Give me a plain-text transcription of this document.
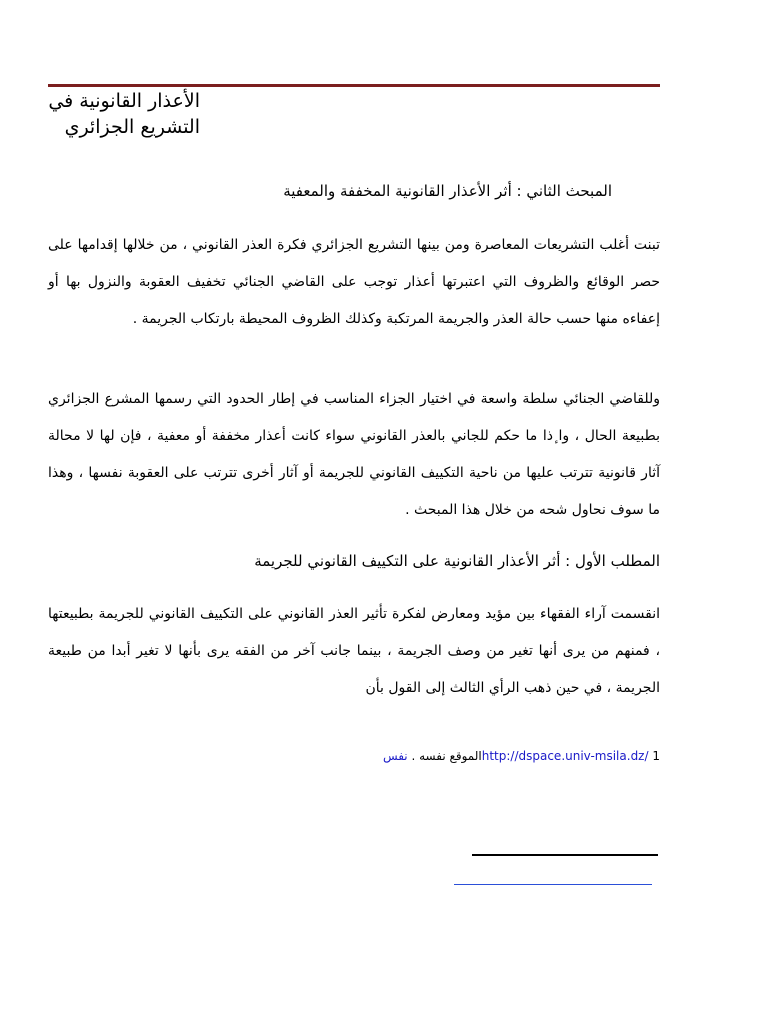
الأعذار القانونية في
التشريع الجزائري
المبحث الثاني : أثر الأعذار القانونية المخففة والمعفية

تبنت أغلب التشريعات المعاصرة ومن بينها التشريع الجزائري فكرة العذر القانوني ، من خلالها إقدامها على حصر الوقائع والظروف التي اعتبرتها أعذار توجب على القاضي الجنائي تخفيف العقوبة والنزول بها أو إعفاءه منها حسب حالة العذر والجريمة المرتكبة وكذلك الظروف المحيطة بارتكاب الجريمة .

وللقاضي الجنائي سلطة واسعة في اختيار الجزاء المناسب في إطار الحدود التي رسمها المشرع الجزائري بطبيعة الحال ، وا ٕذا ما حكم للجاني بالعذر القانوني سواء كانت أعذار مخففة أو معفية ، فإن لها لا محالة آثار قانونية تترتب عليها من ناحية التكييف القانوني للجريمة أو آثار أخرى تترتب على العقوبة نفسها ، وهذا ما سوف نحاول شحه من خلال هذا المبحث .

المطلب الأول : أثر الأعذار القانونية على التكييف القانوني للجريمة

انقسمت آراء الفقهاء بين مؤيد ومعارض لفكرة تأثير العذر القانوني على التكييف القانوني للجريمة بطبيعتها ، فمنهم من يرى أنها تغير من وصف الجريمة ، بينما جانب آخر من الفقه يرى بأنها لا تغير أبدا من طبيعة الجريمة ، في حين ذهب الرأي الثالث إلى القول بأن

الموقع نفسه . نفس	http://dspace.univ-msila.dz/ 1
